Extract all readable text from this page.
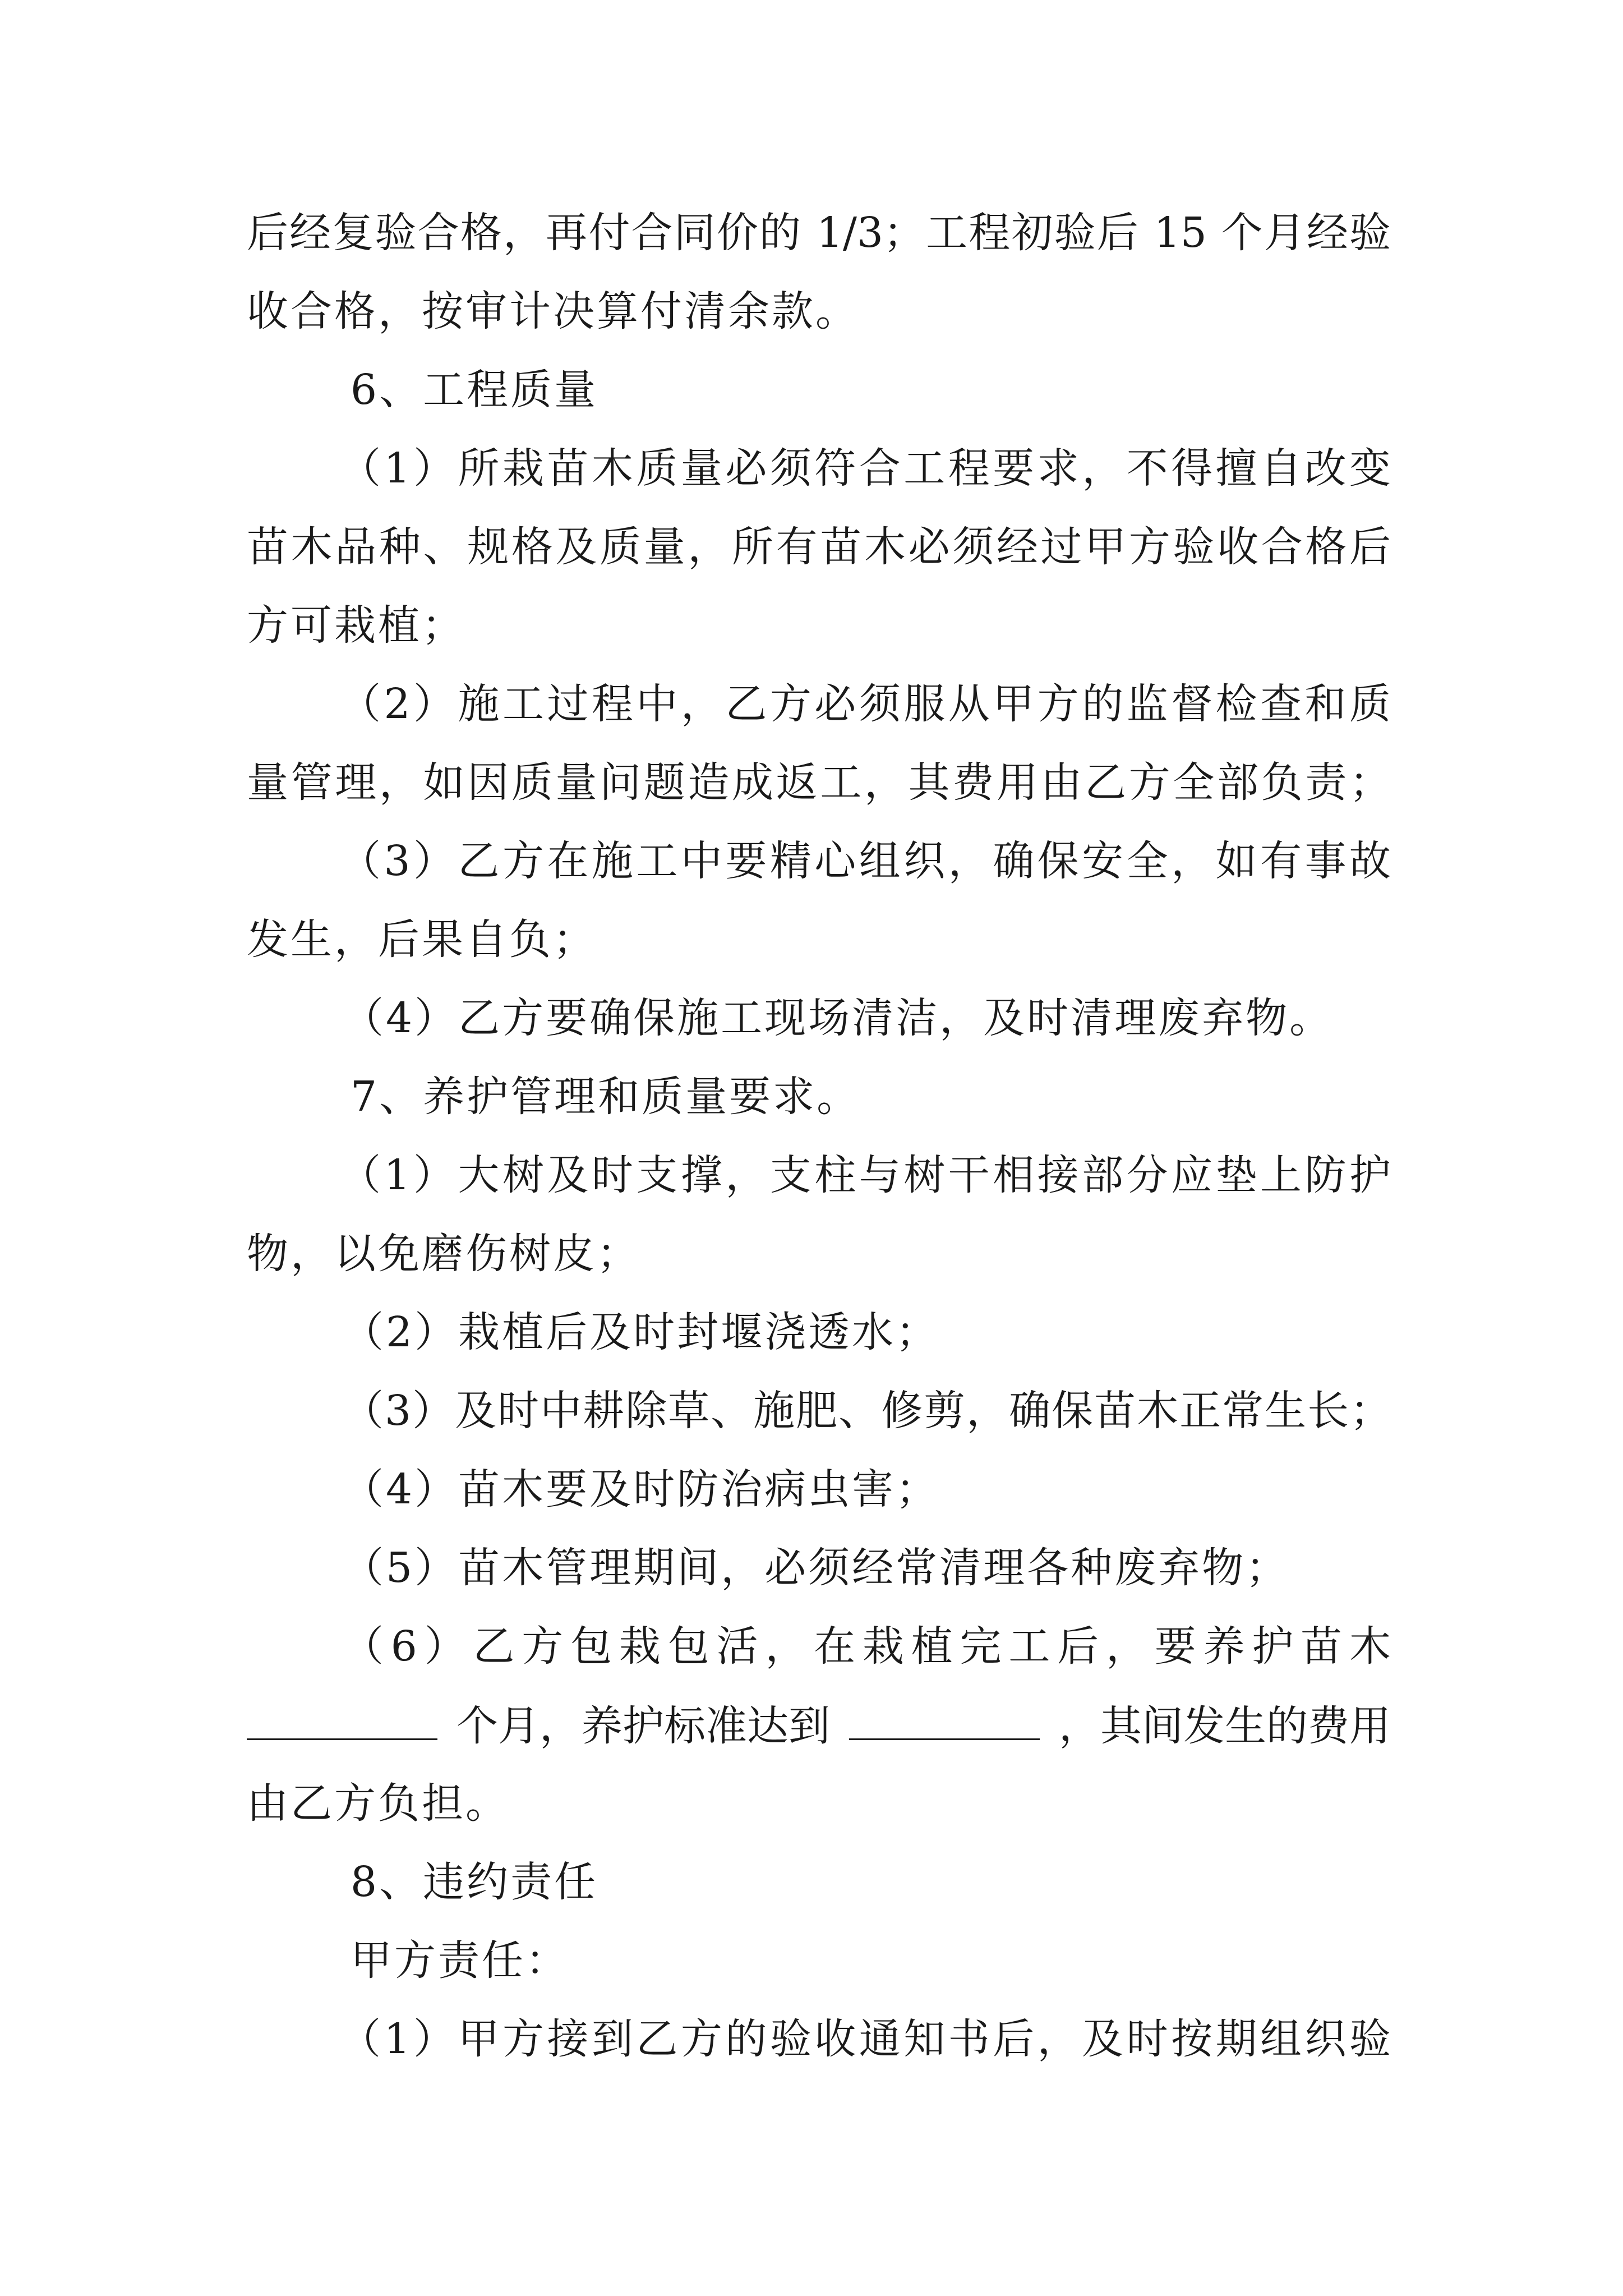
后经复验合格，再付合同价的 1/3；工程初验后 15 个月经验
收合格，按审计决算付清余款。
6、工程质量
（1）所栽苗木质量必须符合工程要求，不得擅自改变
苗木品种、规格及质量，所有苗木必须经过甲方验收合格后
方可栽植；
（2）施工过程中，乙方必须服从甲方的监督检查和质
量管理，如因质量问题造成返工，其费用由乙方全部负责；
（3）乙方在施工中要精心组织，确保安全，如有事故
发生，后果自负；
（4）乙方要确保施工现场清洁，及时清理废弃物。
7、养护管理和质量要求。
（1）大树及时支撑，支柱与树干相接部分应垫上防护
物，以免磨伤树皮；
（2）栽植后及时封堰浇透水；
（3）及时中耕除草、施肥、修剪，确保苗木正常生长；
（4）苗木要及时防治病虫害；
（5）苗木管理期间，必须经常清理各种废弃物；
（6）乙方包栽包活，在栽植完工后，要养护苗木
个月，养护标准达到	，其间发生的费用
由乙方负担。
8、违约责任
甲方责任：
（1）甲方接到乙方的验收通知书后，及时按期组织验
